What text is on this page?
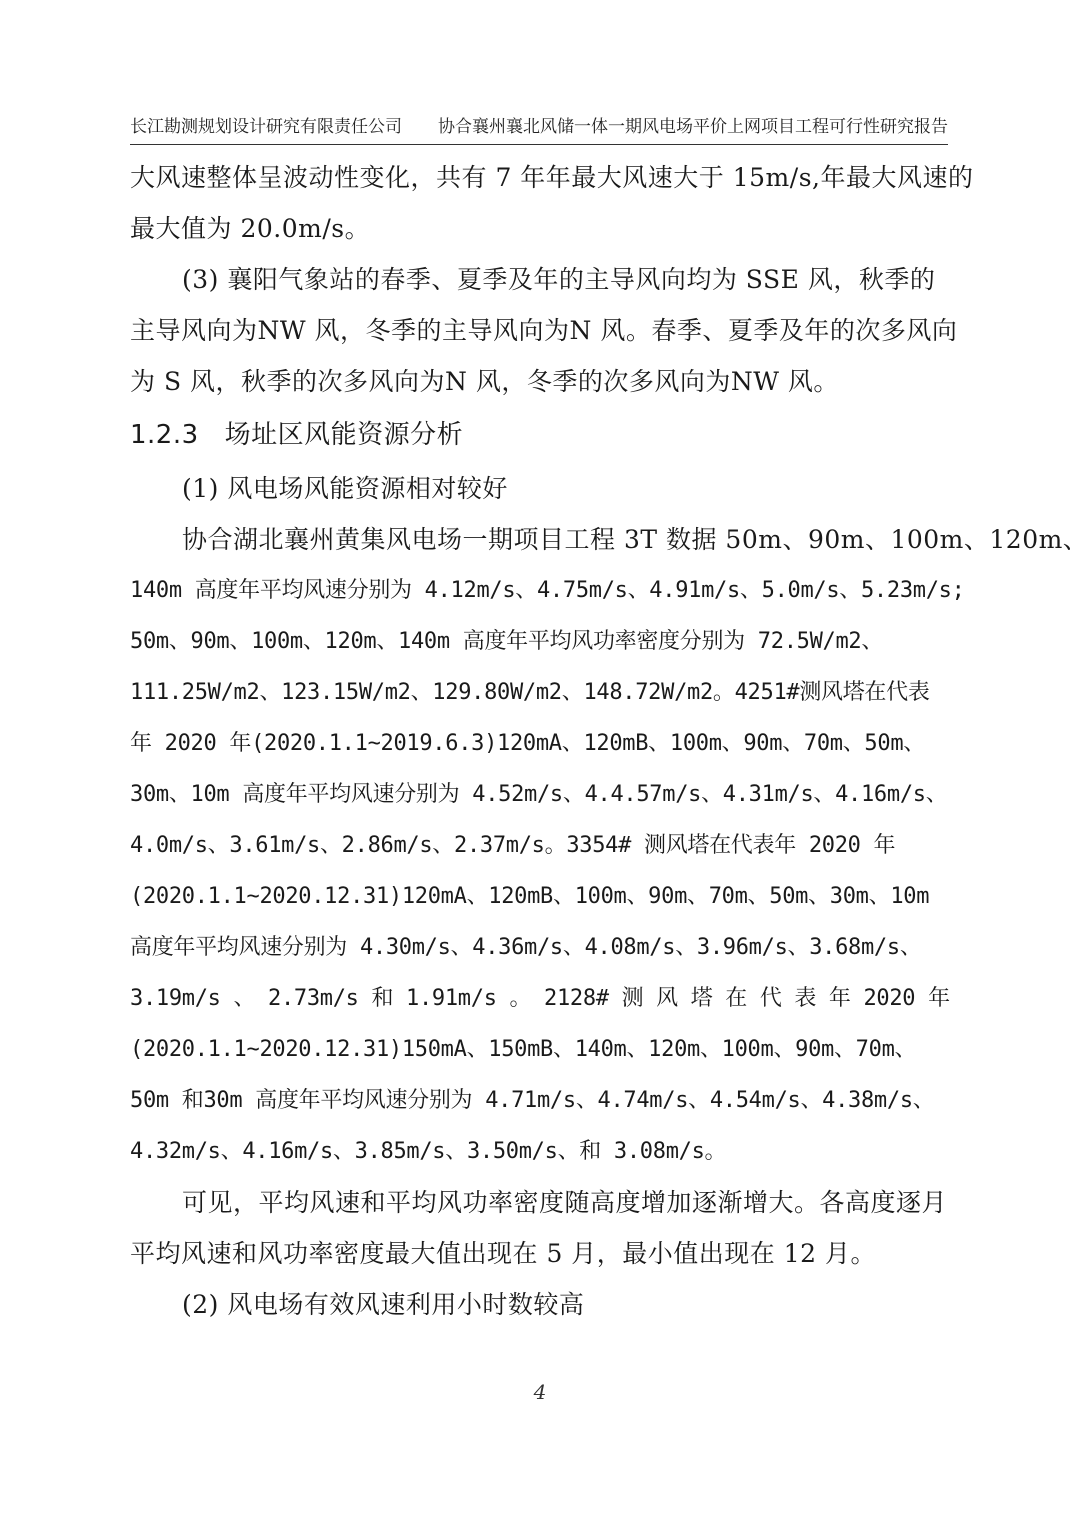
长江勘测规划设计研究有限责任公司 协合襄州襄北风储一体一期风电场平价上网项目工程可行性研究报告
大风速整体呈波动性变化，共有 7 年年最大风速大于 15m/s,年最大风速的
最大值为 20.0m/s。
(3) 襄阳气象站的春季、夏季及年的主导风向均为 SSE 风，秋季的
主导风向为NW 风，冬季的主导风向为N 风。春季、夏季及年的次多风向
为 S 风，秋季的次多风向为N 风，冬季的次多风向为NW 风。
1.2.3 场址区风能资源分析
(1) 风电场风能资源相对较好
协合湖北襄州黄集风电场一期项目工程 3T 数据 50m、90m、100m、120m、
140m 高度年平均风速分别为 4.12m/s、4.75m/s、4.91m/s、5.0m/s、5.23m/s;
50m、90m、100m、120m、140m 高度年平均风功率密度分别为 72.5W/m2、
111.25W/m2、123.15W/m2、129.80W/m2、148.72W/m2。4251#测风塔在代表
年 2020 年(2020.1.1~2019.6.3)120mA、120mB、100m、90m、70m、50m、
30m、10m 高度年平均风速分别为 4.52m/s、4.4.57m/s、4.31m/s、4.16m/s、
4.0m/s、3.61m/s、2.86m/s、2.37m/s。3354# 测风塔在代表年 2020 年
(2020.1.1~2020.12.31)120mA、120mB、100m、90m、70m、50m、30m、10m
高度年平均风速分别为 4.30m/s、4.36m/s、4.08m/s、3.96m/s、3.68m/s、
3.19m/s 、 2.73m/s 和 1.91m/s 。 2128# 测 风 塔 在 代 表 年 2020 年
(2020.1.1~2020.12.31)150mA、150mB、140m、120m、100m、90m、70m、
50m 和30m 高度年平均风速分别为 4.71m/s、4.74m/s、4.54m/s、4.38m/s、
4.32m/s、4.16m/s、3.85m/s、3.50m/s、和 3.08m/s。
可见，平均风速和平均风功率密度随高度增加逐渐增大。各高度逐月
平均风速和风功率密度最大值出现在 5 月，最小值出现在 12 月。
(2) 风电场有效风速利用小时数较高
4
